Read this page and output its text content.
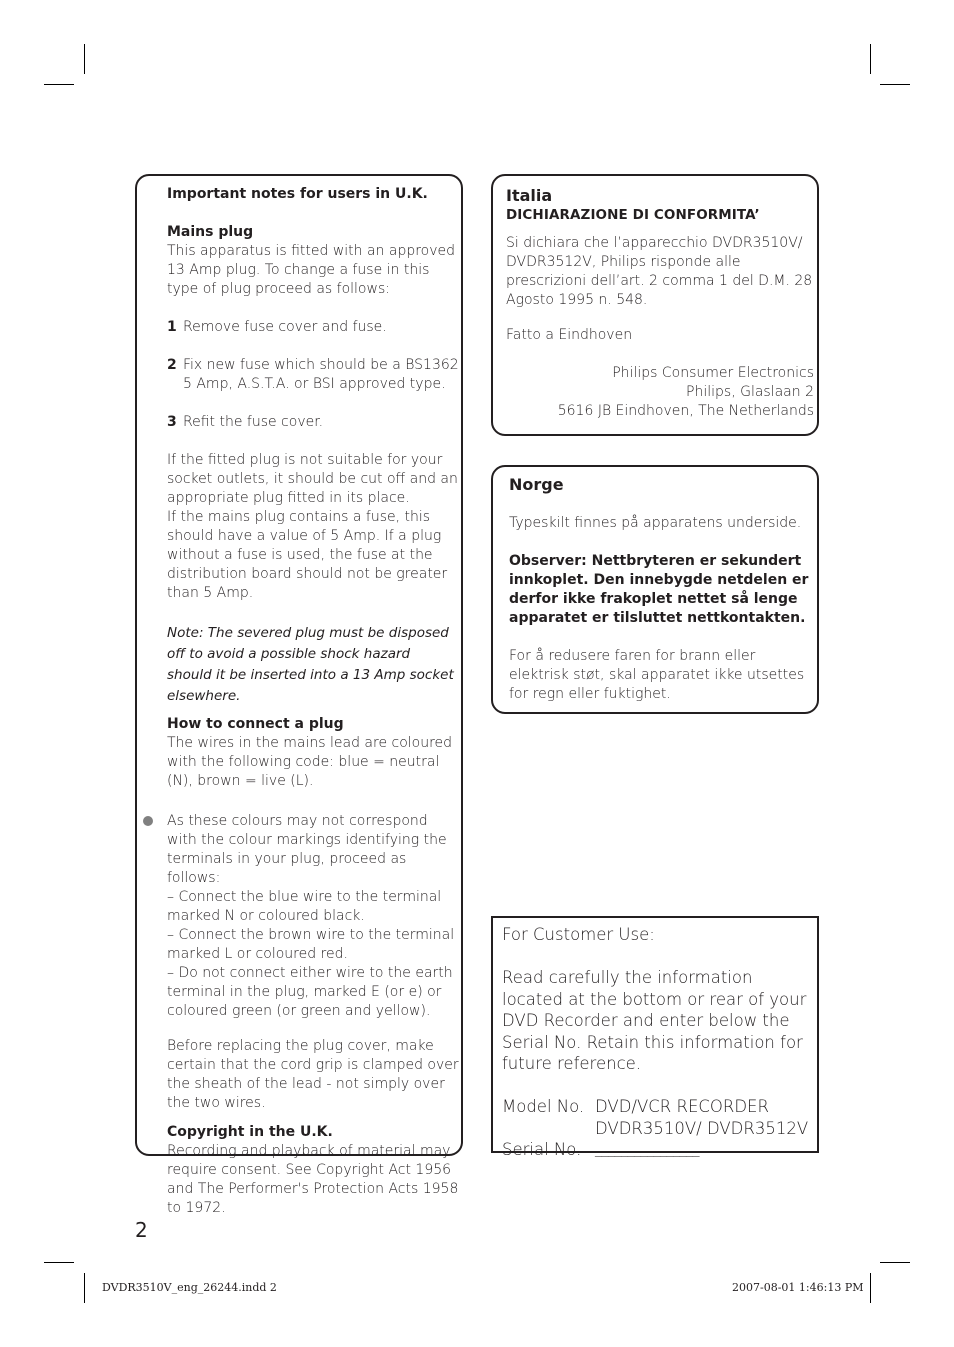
Important notes for users in U.K.

Mains plug

This apparatus is fitted with an approved 13 Amp plug. To change a fuse in this type of plug proceed as follows:

1 Remove fuse cover and fuse.

2 Fix new fuse which should be a BS1362

5 Amp, A.S.T.A. or BSI approved type.

3 Refit the fuse cover.

If the fitted plug is not suitable for your socket outlets, it should be cut off and an appropriate plug fitted in its place.

If the mains plug contains a fuse, this should have a value of 5 Amp. If a plug without a fuse is used, the fuse at the distribution board should not be greater than 5 Amp.

Note: The severed plug must be disposed off to avoid a possible shock hazard should it be inserted into a 13 Amp socket elsewhere.

How to connect a plug

The wires in the mains lead are coloured with the following code: blue = neutral (N), brown = live (L).

As these colours may not correspond with the colour markings identifying the terminals in your plug, proceed as follows:

– Connect the blue wire to the terminal marked N or coloured black.

– Connect the brown wire to the terminal marked L or coloured red.

– Do not connect either wire to the earth terminal in the plug, marked E (or e) or coloured green (or green and yellow).

Before replacing the plug cover, make certain that the cord grip is clamped over the sheath of the lead - not simply over the two wires.

Copyright in the U.K.

Recording and playback of material may require consent. See Copyright Act 1956 and The Performer's Protection Acts 1958 to 1972.

Italia

DICHIARAZIONE DI CONFORMITA’

Si dichiara che l’apparecchio DVDR3510V/ DVDR3512V, Philips risponde alle prescrizioni dell’art. 2 comma 1 del D.M. 28 Agosto 1995 n. 548.

Fatto a Eindhoven

Philips Consumer Electronics

Philips, Glaslaan 2

5616 JB Eindhoven, The Netherlands

Norge

Typeskilt finnes på apparatens underside.

Observer: Nettbryteren er sekundert innkoplet. Den innebygde netdelen er derfor ikke frakoplet nettet så lenge apparatet er tilsluttet nettkontakten.

For å redusere faren for brann eller elektrisk støt, skal apparatet ikke utsettes for regn eller fuktighet.

For Customer Use:

Read carefully the information located at the bottom or rear of your DVD Recorder and enter below the Serial No. Retain this information for future reference.

Model No. DVD/VCR RECORDER
DVDR3510V/ DVDR3512V
Serial No. ________________
2
DVDR3510V_eng_26244.indd 2	2007-08-01 1:46:13 PM
